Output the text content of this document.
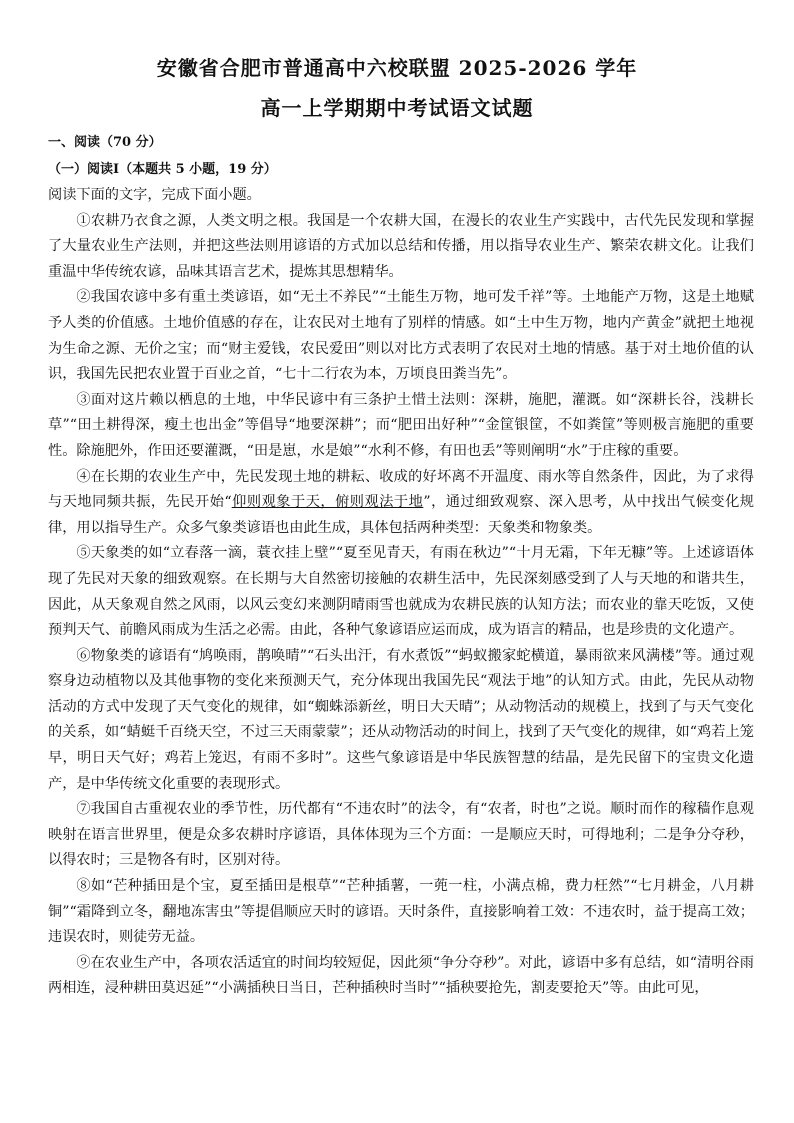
安徽省合肥市普通高中六校联盟 2025-2026 学年
高一上学期期中考试语文试题
一、阅读（70 分）
（一）阅读Ⅰ（本题共 5 小题，19 分）

阅读下面的文字，完成下面小题。

①农耕乃衣食之源，人类文明之根。我国是一个农耕大国，在漫长的农业生产实践中，古代先民发现和掌握了大量农业生产法则，并把这些法则用谚语的方式加以总结和传播，用以指导农业生产、繁荣农耕文化。让我们重温中华传统农谚，品味其语言艺术，提炼其思想精华。

②我国农谚中多有重土类谚语，如“无土不养民”“土能生万物，地可发千祥”等。土地能产万物，这是土地赋予人类的价值感。土地价值感的存在，让农民对土地有了别样的情感。如“土中生万物，地内产黄金”就把土地视为生命之源、无价之宝；而“财主爱钱，农民爱田”则以对比方式表明了农民对土地的情感。基于对土地价值的认识，我国先民把农业置于百业之首，“七十二行农为本，万顷良田粪当先”。

③面对这片赖以栖息的土地，中华民谚中有三条护土惜土法则：深耕，施肥，灌溉。如“深耕长谷，浅耕长草”“田土耕得深，瘦土也出金”等倡导“地要深耕”；而“肥田出好种”“金筐银筐，不如粪筐”等则极言施肥的重要性。除施肥外，作田还要灌溉，“田是崽，水是娘”“水利不修，有田也丢”等则阐明“水”于庄稼的重要。

④在长期的农业生产中，先民发现土地的耕耘、收成的好坏离不开温度、雨水等自然条件，因此，为了求得与天地同频共振，先民开始“仰则观象于天，俯则观法于地”，通过细致观察、深入思考，从中找出气候变化规律，用以指导生产。众多气象类谚语也由此生成，具体包括两种类型：天象类和物象类。

⑤天象类的如“立春落一滴，蓑衣挂上壁”“夏至见青天，有雨在秋边”“十月无霜，下年无糠”等。上述谚语体现了先民对天象的细致观察。在长期与大自然密切接触的农耕生活中，先民深刻感受到了人与天地的和谐共生，因此，从天象观自然之风雨，以风云变幻来测阴晴雨雪也就成为农耕民族的认知方法；而农业的靠天吃饭，又使预判天气、前瞻风雨成为生活之必需。由此，各种气象谚语应运而成，成为语言的精品，也是珍贵的文化遗产。

⑥物象类的谚语有“鸠唤雨，鹊唤晴”“石头出汗，有水煮饭”“蚂蚁搬家蛇横道，暴雨欲来风满楼”等。通过观察身边动植物以及其他事物的变化来预测天气，充分体现出我国先民“观法于地”的认知方式。由此，先民从动物活动的方式中发现了天气变化的规律，如“蜘蛛添新丝，明日大天晴”；从动物活动的规模上，找到了与天气变化的关系，如“蜻蜓千百绕天空，不过三天雨蒙蒙”；还从动物活动的时间上，找到了天气变化的规律，如“鸡若上笼早，明日天气好；鸡若上笼迟，有雨不多时”。这些气象谚语是中华民族智慧的结晶，是先民留下的宝贵文化遗产，是中华传统文化重要的表现形式。

⑦我国自古重视农业的季节性，历代都有“不违农时”的法令，有“农者，时也”之说。顺时而作的稼穑作息观映射在语言世界里，便是众多农耕时序谚语，具体体现为三个方面：一是顺应天时，可得地利；二是争分夺秒，以得农时；三是物各有时，区别对待。

⑧如“芒种插田是个宝，夏至插田是根草”“芒种插薯，一蔸一柱，小满点棉，费力枉然”“七月耕金，八月耕铜”“霜降到立冬，翻地冻害虫”等提倡顺应天时的谚语。天时条件，直接影响着工效：不违农时，益于提高工效；违误农时，则徒劳无益。

⑨在农业生产中，各项农活适宜的时间均较短促，因此须“争分夺秒”。对此，谚语中多有总结，如“清明谷雨两相连，浸种耕田莫迟延”“小满插秧日当日，芒种插秧时当时”“插秧要抢先，割麦要抢天”等。由此可见，
